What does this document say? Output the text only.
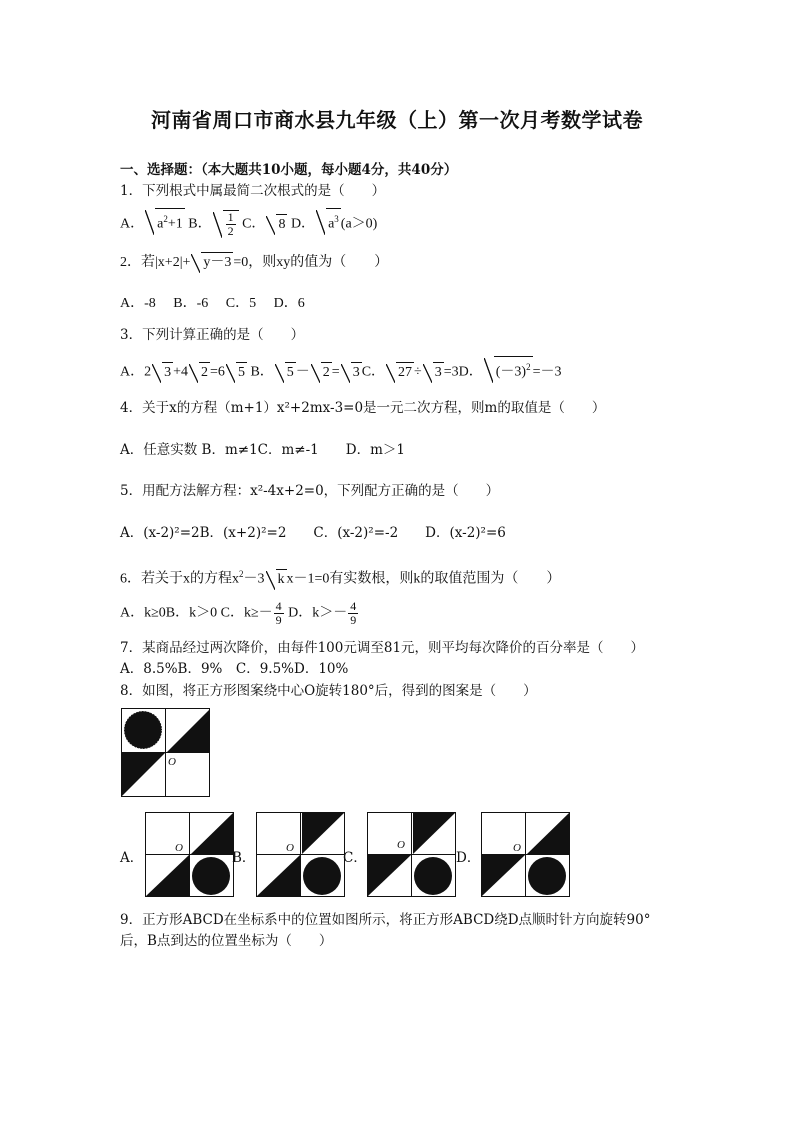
河南省周口市商水县九年级（上）第一次月考数学试卷
一、选择题：（本大题共10小题，每小题4分，共40分）
1．下列根式中属最简二次根式的是（　　）
A． $a^2+1$ B． $\frac{1}{2}$ C． 8 D． $a^3$ (a＞0)
2．若|x+2|+ y－3 =0，则xy的值为（　　）
A．-8　 B．-6　 C．5　 D．6
3．下列计算正确的是（　　）
A．2 3 +4 2 =6 5 B． 5 － 2 = 3 C． 27 ÷ 3 =3D． $(-3)^2 =-3$
4．关于x的方程（m+1）x²+2mx-3=0是一元二次方程，则m的取值是（　　）
A．任意实数 B．m≠1C．m≠-1　　D．m＞1
5．用配方法解方程：x²-4x+2=0，下列配方正确的是（　　）
A．(x-2)²=2B．(x+2)²=2　　C．(x-2)²=-2　　D．(x-2)²=6
6．若关于x的方程$x^2-3$ k x－1=0有实数根，则k的取值范围为（　　）
A．k≥0B．k＞0 C．$k\ge- \frac{4}{9}$ D．$k>- \frac{4}{9}$
7．某商品经过两次降价，由每件100元调至81元，则平均每次降价的百分率是（　　）
A．8.5%B．9%　C．9.5%D．10%
8．如图，将正方形图案绕中心O旋转180°后，得到的图案是（　　）
O
A．
O
B．
O
C．
O
D．
O
9．正方形ABCD在坐标系中的位置如图所示，将正方形ABCD绕D点顺时针方向旋转90°
后，B点到达的位置坐标为（　　）
